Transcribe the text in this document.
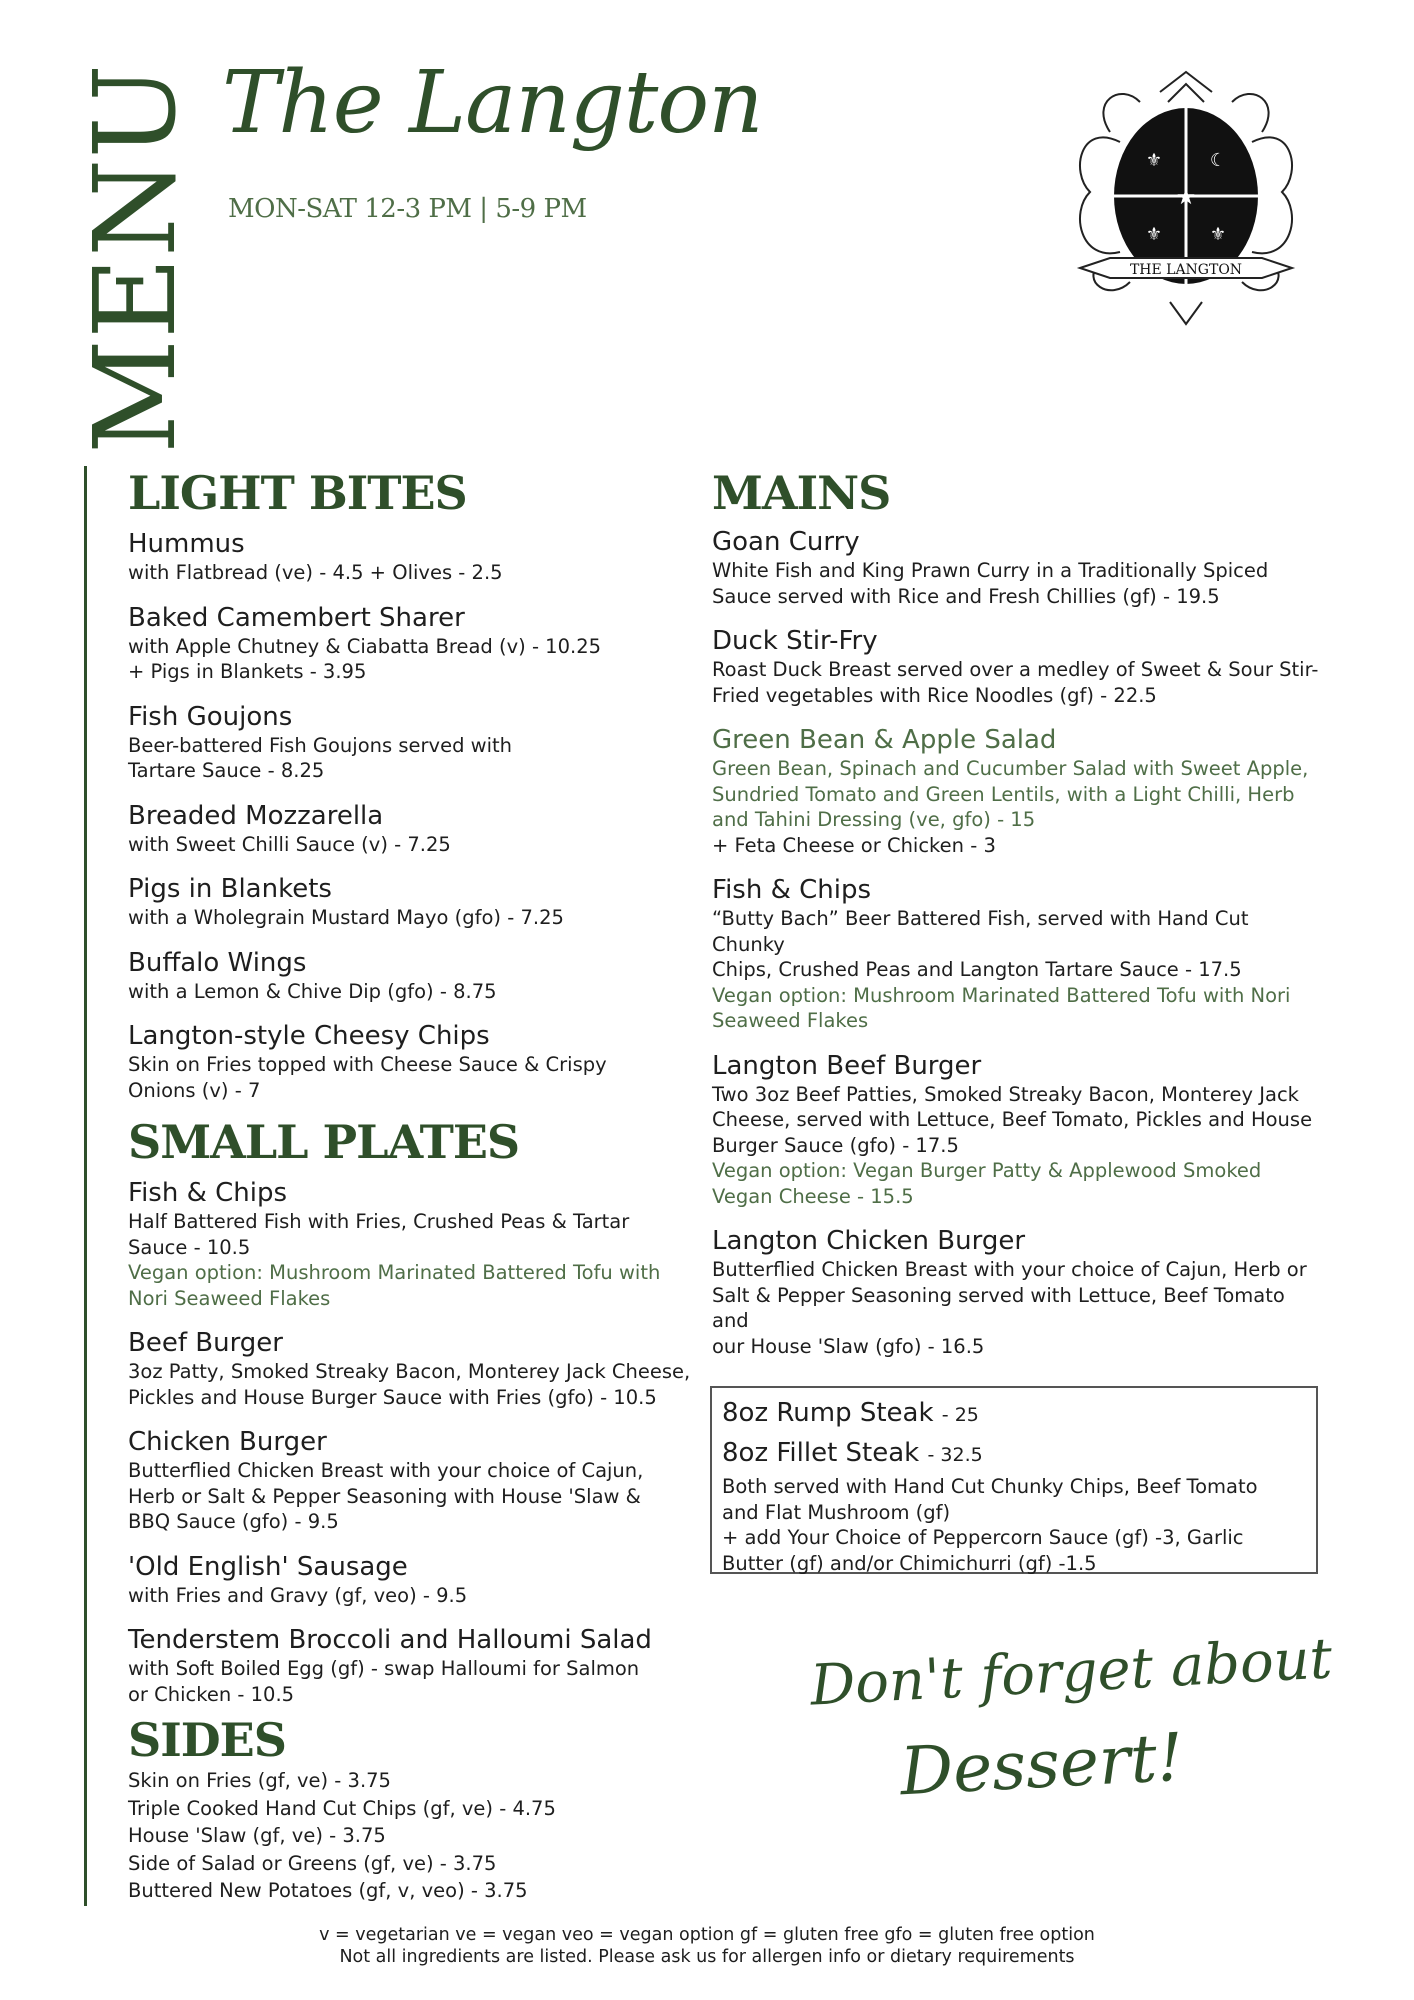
MENU The Langton
MON-SAT 12-3 PM | 5-9 PM
⚜
⚜	⚜
☾
★
THE LANGTON
LIGHT BITES
Hummus
with Flatbread (ve) - 4.5 + Olives - 2.5
Baked Camembert Sharer
with Apple Chutney & Ciabatta Bread (v) - 10.25
+ Pigs in Blankets - 3.95
Fish Goujons
Beer-battered Fish Goujons served with
Tartare Sauce - 8.25
Breaded Mozzarella
with Sweet Chilli Sauce (v) - 7.25
Pigs in Blankets
with a Wholegrain Mustard Mayo (gfo) - 7.25
Buffalo Wings
with a Lemon & Chive Dip (gfo) - 8.75
Langton-style Cheesy Chips
Skin on Fries topped with Cheese Sauce & Crispy
Onions (v) - 7
SMALL PLATES
Fish & Chips
Half Battered Fish with Fries, Crushed Peas & Tartar
Sauce - 10.5
Vegan option: Mushroom Marinated Battered Tofu with
Nori Seaweed Flakes
Beef Burger
3oz Patty, Smoked Streaky Bacon, Monterey Jack Cheese,
Pickles and House Burger Sauce with Fries (gfo) - 10.5
Chicken Burger
Butterflied Chicken Breast with your choice of Cajun,
Herb or Salt & Pepper Seasoning with House 'Slaw &
BBQ Sauce (gfo) - 9.5
'Old English' Sausage
with Fries and Gravy (gf, veo) - 9.5
Tenderstem Broccoli and Halloumi Salad
with Soft Boiled Egg (gf) - swap Halloumi for Salmon
or Chicken - 10.5
SIDES
Skin on Fries (gf, ve) - 3.75
Triple Cooked Hand Cut Chips (gf, ve) - 4.75
House 'Slaw (gf, ve) - 3.75
Side of Salad or Greens (gf, ve) - 3.75
Buttered New Potatoes (gf, v, veo) - 3.75
MAINS
Goan Curry
White Fish and King Prawn Curry in a Traditionally Spiced
Sauce served with Rice and Fresh Chillies (gf) - 19.5
Duck Stir-Fry
Roast Duck Breast served over a medley of Sweet & Sour Stir-
Fried vegetables with Rice Noodles (gf) - 22.5
Green Bean & Apple Salad
Green Bean, Spinach and Cucumber Salad with Sweet Apple,
Sundried Tomato and Green Lentils, with a Light Chilli, Herb
and Tahini Dressing (ve, gfo) - 15
+ Feta Cheese or Chicken - 3
Fish & Chips
“Butty Bach” Beer Battered Fish, served with Hand Cut Chunky
Chips, Crushed Peas and Langton Tartare Sauce - 17.5
Vegan option: Mushroom Marinated Battered Tofu with Nori
Seaweed Flakes
Langton Beef Burger
Two 3oz Beef Patties, Smoked Streaky Bacon, Monterey Jack
Cheese, served with Lettuce, Beef Tomato, Pickles and House
Burger Sauce (gfo) - 17.5
Vegan option: Vegan Burger Patty & Applewood Smoked
Vegan Cheese - 15.5
Langton Chicken Burger
Butterflied Chicken Breast with your choice of Cajun, Herb or
Salt & Pepper Seasoning served with Lettuce, Beef Tomato and
our House 'Slaw (gfo) - 16.5
8oz Rump Steak - 25
8oz Fillet Steak - 32.5
Both served with Hand Cut Chunky Chips, Beef Tomato
and Flat Mushroom (gf)
+ add Your Choice of Peppercorn Sauce (gf) -3, Garlic
Butter (gf) and/or Chimichurri (gf) -1.5
Don't forget about
Dessert!
v = vegetarian ve = vegan veo = vegan option gf = gluten free gfo = gluten free option
Not all ingredients are listed. Please ask us for allergen info or dietary requirements
